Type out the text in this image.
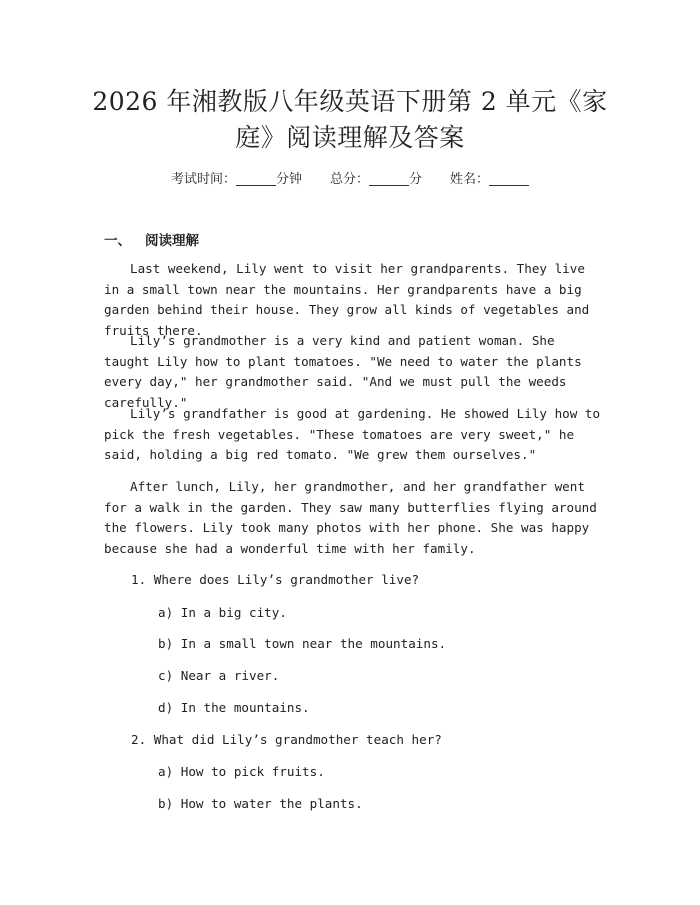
2026 年湘教版八年级英语下册第 2 单元《家庭》阅读理解及答案
考试时间：	分钟 总分：	分 姓名：
一、 阅读理解

Last weekend, Lily went to visit her grandparents. They live in a small town near the mountains. Her grandparents have a big garden behind their house. They grow all kinds of vegetables and fruits there.

Lily’s grandmother is a very kind and patient woman. She taught Lily how to plant tomatoes. "We need to water the plants every day," her grandmother said. "And we must pull the weeds carefully."

Lily’s grandfather is good at gardening. He showed Lily how to pick the fresh vegetables. "These tomatoes are very sweet," he said, holding a big red tomato. "We grew them ourselves."

After lunch, Lily, her grandmother, and her grandfather went for a walk in the garden. They saw many butterflies flying around the flowers. Lily took many photos with her phone. She was happy because she had a wonderful time with her family.

1. Where does Lily’s grandmother live?
a) In a big city.
b) In a small town near the mountains.
c) Near a river.
d) In the mountains.
2. What did Lily’s grandmother teach her?
a) How to pick fruits.
b) How to water the plants.
